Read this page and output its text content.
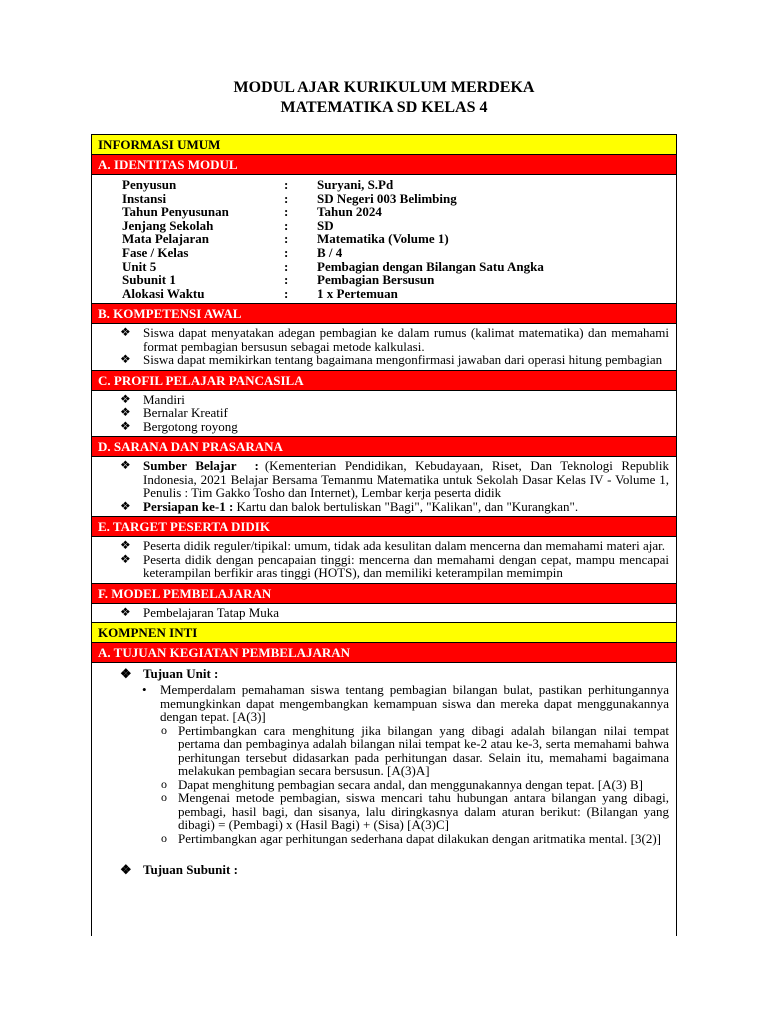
MODUL AJAR KURIKULUM MERDEKA
MATEMATIKA SD KELAS 4
INFORMASI UMUM
A. IDENTITAS MODUL
Penyusun	:	Suryani, S.Pd
Instansi	:	SD Negeri 003 Belimbing
Tahun Penyusunan	:	Tahun 2024
Jenjang Sekolah	:	SD
Mata Pelajaran	:	Matematika (Volume 1)
Fase / Kelas	:	B / 4
Unit 5	:	Pembagian dengan Bilangan Satu Angka
Subunit 1	:	Pembagian Bersusun
Alokasi Waktu	:	1 x Pertemuan
B. KOMPETENSI AWAL
❖ Siswa dapat menyatakan adegan pembagian ke dalam rumus (kalimat matematika) dan memahami format pembagian bersusun sebagai metode kalkulasi.
❖ Siswa dapat memikirkan tentang bagaimana mengonfirmasi jawaban dari operasi hitung pembagian
C. PROFIL PELAJAR PANCASILA
❖ Mandiri
❖ Bernalar Kreatif
❖ Bergotong royong
D. SARANA DAN PRASARANA
❖ Sumber Belajar : (Kementerian Pendidikan, Kebudayaan, Riset, Dan Teknologi Republik Indonesia, 2021 Belajar Bersama Temanmu Matematika untuk Sekolah Dasar Kelas IV - Volume 1, Penulis : Tim Gakko Tosho dan Internet), Lembar kerja peserta didik
❖ Persiapan ke-1 : Kartu dan balok bertuliskan "Bagi", "Kalikan", dan "Kurangkan".
E. TARGET PESERTA DIDIK
❖ Peserta didik reguler/tipikal: umum, tidak ada kesulitan dalam mencerna dan memahami materi ajar.
❖ Peserta didik dengan pencapaian tinggi: mencerna dan memahami dengan cepat, mampu mencapai keterampilan berfikir aras tinggi (HOTS), dan memiliki keterampilan memimpin
F. MODEL PEMBELAJARAN
❖ Pembelajaran Tatap Muka
KOMPNEN INTI
A. TUJUAN KEGIATAN PEMBELAJARAN
❖ Tujuan Unit :
• Memperdalam pemahaman siswa tentang pembagian bilangan bulat, pastikan perhitungannya memungkinkan dapat mengembangkan kemampuan siswa dan mereka dapat menggunakannya dengan tepat. [A(3)]
o Pertimbangkan cara menghitung jika bilangan yang dibagi adalah bilangan nilai tempat pertama dan pembaginya adalah bilangan nilai tempat ke-2 atau ke-3, serta memahami bahwa perhitungan tersebut didasarkan pada perhitungan dasar. Selain itu, memahami bagaimana melakukan pembagian secara bersusun. [A(3)A]
o Dapat menghitung pembagian secara andal, dan menggunakannya dengan tepat. [A(3) B]
o Mengenai metode pembagian, siswa mencari tahu hubungan antara bilangan yang dibagi, pembagi, hasil bagi, dan sisanya, lalu diringkasnya dalam aturan berikut: (Bilangan yang dibagi) = (Pembagi) x (Hasil Bagi) + (Sisa) [A(3)C]
o Pertimbangkan agar perhitungan sederhana dapat dilakukan dengan aritmatika mental. [3(2)]
❖ Tujuan Subunit :
